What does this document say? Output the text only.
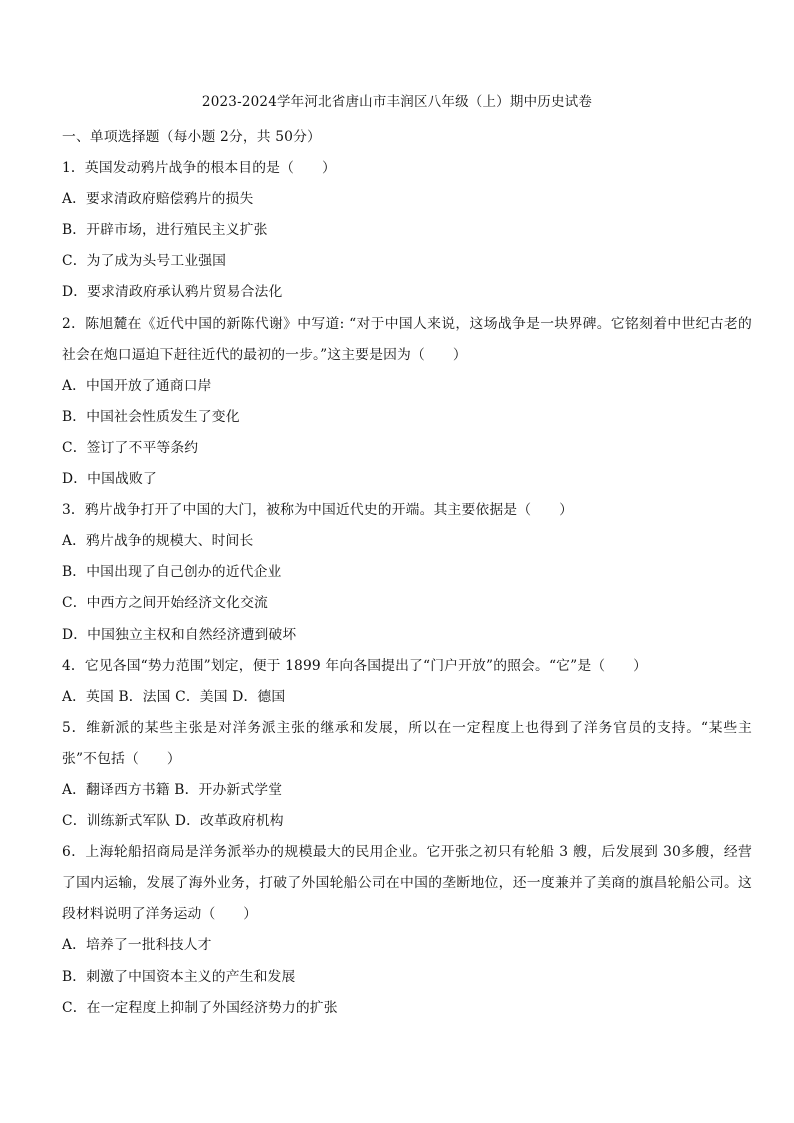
2023-2024学年河北省唐山市丰润区八年级（上）期中历史试卷
一、单项选择题（每小题 2分，共 50分）
1．英国发动鸦片战争的根本目的是（　　）
A．要求清政府赔偿鸦片的损失
B．开辟市场，进行殖民主义扩张
C．为了成为头号工业强国
D．要求清政府承认鸦片贸易合法化
2．陈旭麓在《近代中国的新陈代谢》中写道: “对于中国人来说，这场战争是一块界碑。它铭刻着中世纪古老的社会在炮口逼迫下赶往近代的最初的一步。”这主要是因为（　　）
A．中国开放了通商口岸
B．中国社会性质发生了变化
C．签订了不平等条约
D．中国战败了
3．鸦片战争打开了中国的大门，被称为中国近代史的开端。其主要依据是（　　）
A．鸦片战争的规模大、时间长
B．中国出现了自己创办的近代企业
C．中西方之间开始经济文化交流
D．中国独立主权和自然经济遭到破坏
4．它见各国“势力范围”划定，便于 1899 年向各国提出了“门户开放”的照会。“它”是（　　）
A．英国 B．法国 C．美国 D．德国
5．维新派的某些主张是对洋务派主张的继承和发展，所以在一定程度上也得到了洋务官员的支持。“某些主张”不包括（　　）
A．翻译西方书籍 B．开办新式学堂
C．训练新式军队 D．改革政府机构
6．上海轮船招商局是洋务派举办的规模最大的民用企业。它开张之初只有轮船 3 艘，后发展到 30多艘，经营了国内运输，发展了海外业务，打破了外国轮船公司在中国的垄断地位，还一度兼并了美商的旗昌轮船公司。这段材料说明了洋务运动（　　）
A．培养了一批科技人才
B．刺激了中国资本主义的产生和发展
C．在一定程度上抑制了外国经济势力的扩张
